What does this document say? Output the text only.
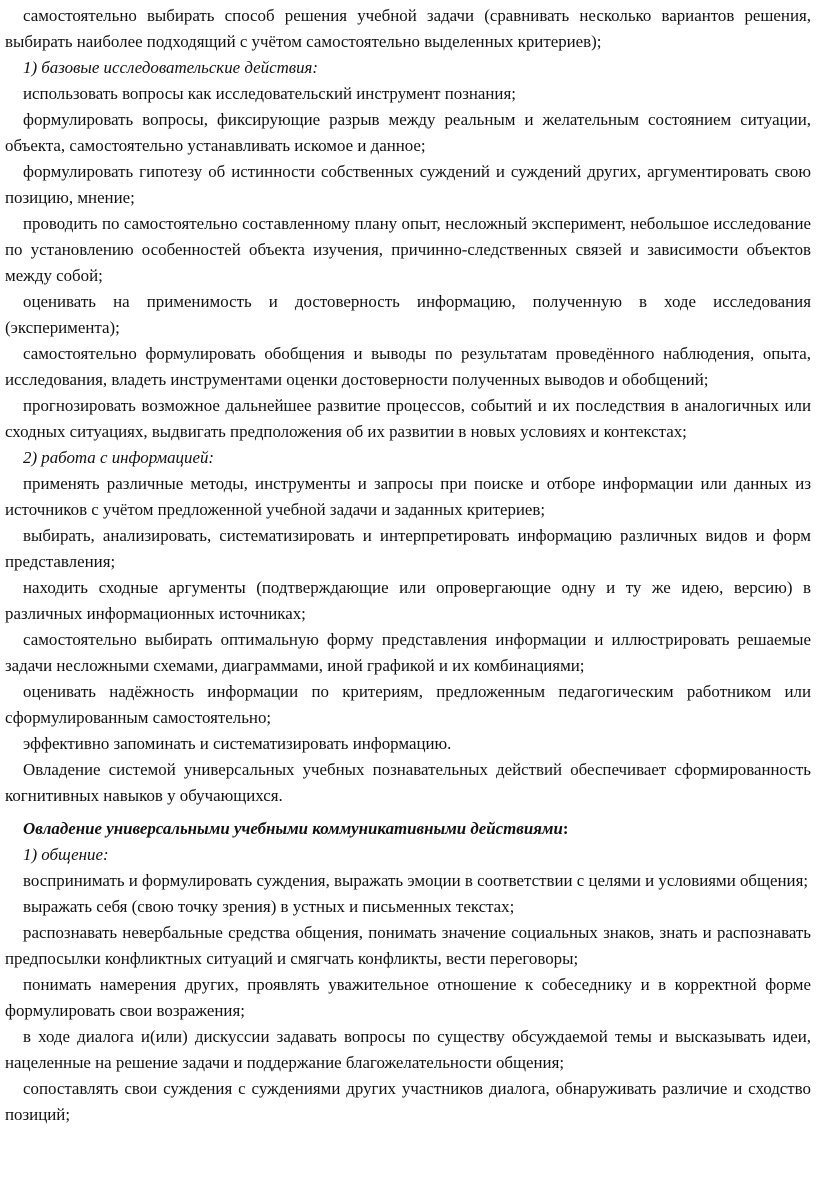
самостоятельно выбирать способ решения учебной задачи (сравнивать несколько вариантов решения, выбирать наиболее подходящий с учётом самостоятельно выделенных критериев);

1) базовые исследовательские действия:

использовать вопросы как исследовательский инструмент познания;

формулировать вопросы, фиксирующие разрыв между реальным и желательным состоянием ситуации, объекта, самостоятельно устанавливать искомое и данное;

формулировать гипотезу об истинности собственных суждений и суждений других, аргументировать свою позицию, мнение;

проводить по самостоятельно составленному плану опыт, несложный эксперимент, небольшое исследование по установлению особенностей объекта изучения, причинно-следственных связей и зависимости объектов между собой;

оценивать на применимость и достоверность информацию, полученную в ходе исследования (эксперимента);

самостоятельно формулировать обобщения и выводы по результатам проведённого наблюдения, опыта, исследования, владеть инструментами оценки достоверности полученных выводов и обобщений;

прогнозировать возможное дальнейшее развитие процессов, событий и их последствия в аналогичных или сходных ситуациях, выдвигать предположения об их развитии в новых условиях и контекстах;

2) работа с информацией:

применять различные методы, инструменты и запросы при поиске и отборе информации или данных из источников с учётом предложенной учебной задачи и заданных критериев;

выбирать, анализировать, систематизировать и интерпретировать информацию различных видов и форм представления;

находить сходные аргументы (подтверждающие или опровергающие одну и ту же идею, версию) в различных информационных источниках;

самостоятельно выбирать оптимальную форму представления информации и иллюстрировать решаемые задачи несложными схемами, диаграммами, иной графикой и их комбинациями;

оценивать надёжность информации по критериям, предложенным педагогическим работником или сформулированным самостоятельно;

эффективно запоминать и систематизировать информацию.

Овладение системой универсальных учебных познавательных действий обеспечивает сформированность когнитивных навыков у обучающихся.

Овладение универсальными учебными коммуникативными действиями:

1) общение:

воспринимать и формулировать суждения, выражать эмоции в соответствии с целями и условиями общения;

выражать себя (свою точку зрения) в устных и письменных текстах;

распознавать невербальные средства общения, понимать значение социальных знаков, знать и распознавать предпосылки конфликтных ситуаций и смягчать конфликты, вести переговоры;

понимать намерения других, проявлять уважительное отношение к собеседнику и в корректной форме формулировать свои возражения;

в ходе диалога и(или) дискуссии задавать вопросы по существу обсуждаемой темы и высказывать идеи, нацеленные на решение задачи и поддержание благожелательности общения;

сопоставлять свои суждения с суждениями других участников диалога, обнаруживать различие и сходство позиций;
